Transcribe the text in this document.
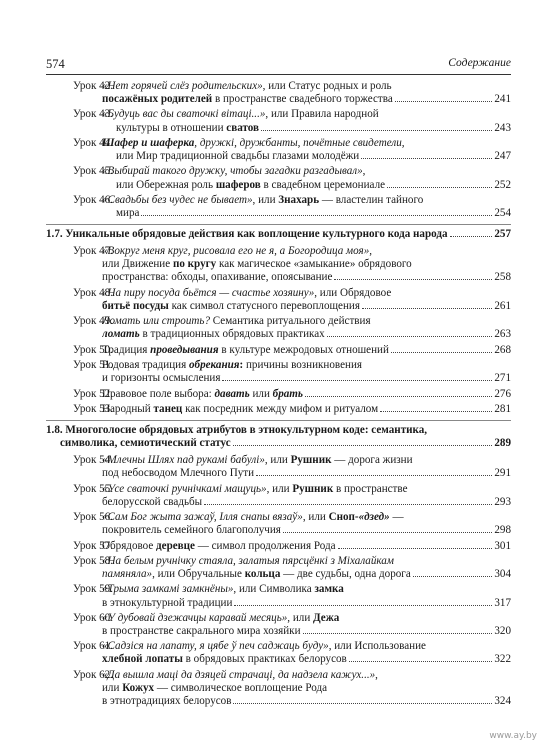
574	Содержание
Урок 42.
«Нет горячей слёз родительских», или Статус родных и роль
посажёных родителей в пространстве свадебного торжества	241
Урок 43.
«Будуць вас ды сваточкі вітаці...», или Правила народной
культуры в отношении сватов	243
Урок 44.
Шафер и шаферка, дружкі, дружбанты, почётные свидетели,
или Мир традиционной свадьбы глазами молодёжи	247
Урок 45.
«Выбирай такого дружку, чтобы загадки разгадывал»,
или Обережная роль шаферов в свадебном церемониале	252
Урок 46.
«Свадьбы без чудес не бывает», или Знахарь — властелин тайного
мира	254
1.7. Уникальные обрядовые действия как воплощение культурного кода народа	257
Урок 47.
«Вокруг меня круг, рисовала его не я, а Богородица моя»,
или Движение по кругу как магическое «замыкание» обрядового
пространства: обходы, опахивание, опоясывание	258
Урок 48.
«На пиру посуда бьётся — счастье хозяину», или Обрядовое
битьё посуды как символ статусного перевоплощения	261
Урок 49.
Ломать или строить? Семантика ритуального действия
ломать в традиционных обрядовых практиках	263
Урок 50.
Традиция проведывания в культуре межродовых отношений	268
Урок 51.
Родовая традиция обрекания: причины возникновения
и горизонты осмысления	271
Урок 52.
Правовое поле выбора: давать или брать	276
Урок 53.
Народный танец как посредник между мифом и ритуалом	281
1.8. Многоголосие обрядовых атрибутов в этнокультурном коде: семантика,
символика, семиотический статус	289
Урок 54.
«Млечны Шлях пад рукамі бабулі», или Рушник — дорога жизни
под небосводом Млечного Пути	291
Урок 55.
«Усе сваточкі ручнічкамі мащуць», или Рушник в пространстве
белорусской свадьбы	293
Урок 56.
«Сам Бог жыта зажаў, Ілля снапы вязаў», или Сноп-«дзед» —
покровитель семейного благополучия	298
Урок 57.
Обрядовое деревце — символ продолжения Рода	301
Урок 58.
«На белым ручнічку стаяла, залатыя пярсцёнкі з Міхалайкам
памяняла», или Обручальные кольца — две судьбы, одна дорога	304
Урок 59.
«Трыма замкамі замкнёны», или Символика замка
в этнокультурной традиции	317
Урок 60.
«У дубовай дзежачцы каравай месяць», или Дежа
в пространстве сакрального мира хозяйки	320
Урок 61.
«Садзіся на лапату, я цябе ў печ саджаць буду», или Использование
хлебной лопаты в обрядовых практиках белорусов	322
Урок 62.
«Да вышла маці да дзяцей страчаці, да надзела кажух...»,
или Кожух — символическое воплощение Рода
в этнотрадициях белорусов	324
www.ay.by
